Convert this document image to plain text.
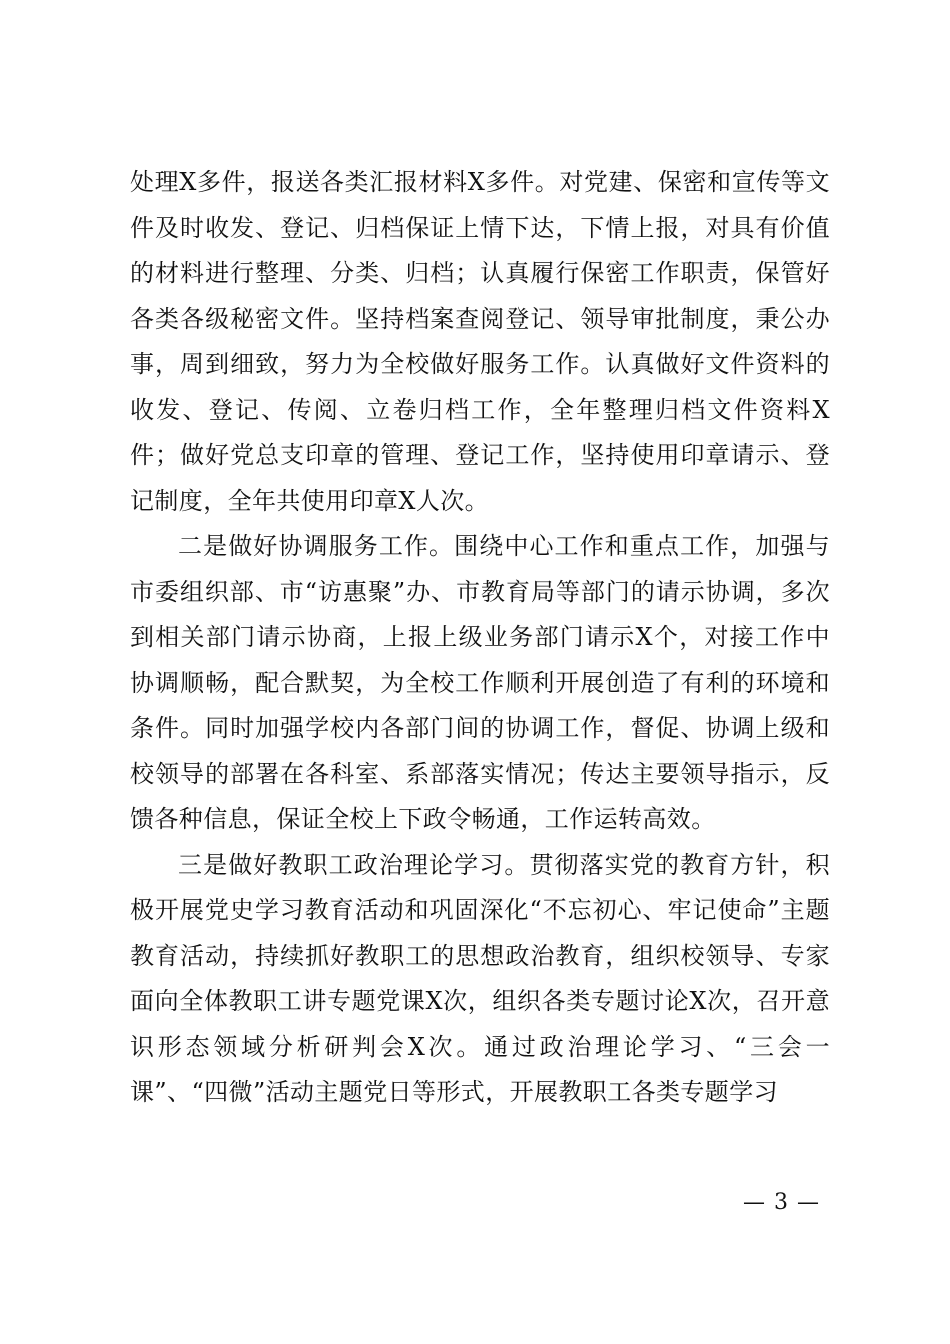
处理X多件，报送各类汇报材料X多件。对党建、保密和宣传等文件及时收发、登记、归档保证上情下达，下情上报，对具有价值的材料进行整理、分类、归档；认真履行保密工作职责，保管好各类各级秘密文件。坚持档案查阅登记、领导审批制度，秉公办事，周到细致，努力为全校做好服务工作。认真做好文件资料的收发、登记、传阅、立卷归档工作，全年整理归档文件资料X件；做好党总支印章的管理、登记工作，坚持使用印章请示、登记制度，全年共使用印章X人次。

二是做好协调服务工作。围绕中心工作和重点工作，加强与市委组织部、市“访惠聚”办、市教育局等部门的请示协调，多次到相关部门请示协商，上报上级业务部门请示X个，对接工作中协调顺畅，配合默契，为全校工作顺利开展创造了有利的环境和条件。同时加强学校内各部门间的协调工作，督促、协调上级和校领导的部署在各科室、系部落实情况；传达主要领导指示，反馈各种信息，保证全校上下政令畅通，工作运转高效。

三是做好教职工政治理论学习。贯彻落实党的教育方针，积极开展党史学习教育活动和巩固深化“不忘初心、牢记使命”主题教育活动，持续抓好教职工的思想政治教育，组织校领导、专家面向全体教职工讲专题党课X次，组织各类专题讨论X次，召开意识形态领域分析研判会X次。通过政治理论学习、“三会一课”、“四微”活动主题党日等形式，开展教职工各类专题学习

— 3 —
